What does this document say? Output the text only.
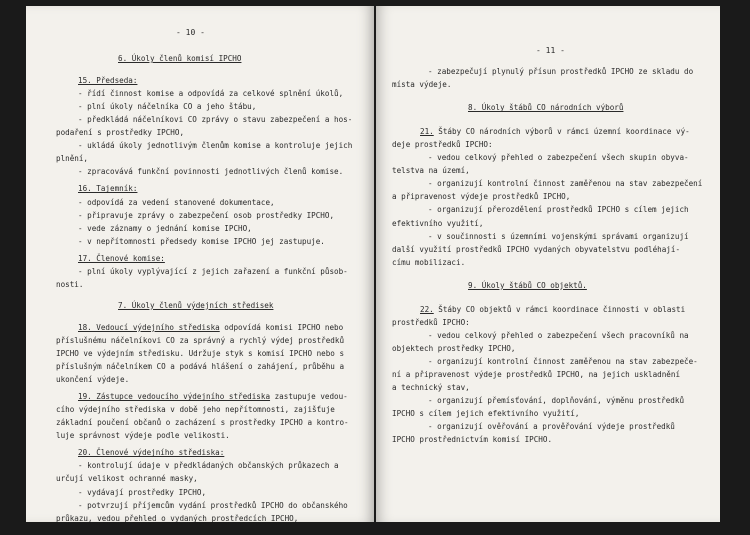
- 10 -
6. Úkoly členů komisí IPCHO
15. Předseda:
- řídí činnost komise a odpovídá za celkové splnění úkolů,
- plní úkoly náčelníka CO a jeho štábu,
- předkládá náčelníkovi CO zprávy o stavu zabezpečení a hos-
podaření s prostředky IPCHO,
- ukládá úkoly jednotlivým členům komise a kontroluje jejich
plnění,
- zpracovává funkční povinnosti jednotlivých členů komise.
16. Tajemník:
- odpovídá za vedení stanovené dokumentace,
- připravuje zprávy o zabezpečení osob prostředky IPCHO,
- vede záznamy o jednání komise IPCHO,
- v nepřítomnosti předsedy komise IPCHO jej zastupuje.
17. Členové komise:
- plní úkoly vyplývající z jejich zařazení a funkční působ-
nosti.
7. Úkoly členů výdejních středisek
18. Vedoucí výdejního střediska odpovídá komisi IPCHO nebo
příslušnému náčelníkovi CO za správný a rychlý výdej prostředků
IPCHO ve výdejním středisku. Udržuje styk s komisí IPCHO nebo s
příslušným náčelníkem CO a podává hlášení o zahájení, průběhu a
ukončení výdeje.
19. Zástupce vedoucího výdejního střediska zastupuje vedou-
cího výdejního střediska v době jeho nepřítomnosti, zajišťuje
základní poučení občanů o zacházení s prostředky IPCHO a kontro-
luje správnost výdeje podle velikosti.
20. Členové výdejního střediska:
- kontrolují údaje v předkládaných občanských průkazech a
určují velikost ochranné masky,
- vydávají prostředky IPCHO,
- potvrzují příjemcům vydání prostředků IPCHO do občanského
průkazu, vedou přehled o vydaných prostředcích IPCHO,
- 11 -
- zabezpečují plynulý přísun prostředků IPCHO ze skladu do
místa výdeje.
8. Úkoly štábů CO národních výborů
21. Štáby CO národních výborů v rámci územní koordinace vý-
deje prostředků IPCHO:
- vedou celkový přehled o zabezpečení všech skupin obyva-
telstva na území,
- organizují kontrolní činnost zaměřenou na stav zabezpečení
a připravenost výdeje prostředků IPCHO,
- organizují přerozdělení prostředků IPCHO s cílem jejich
efektivního využití,
- v součinnosti s územními vojenskými správami organizují
další využití prostředků IPCHO vydaných obyvatelstvu podléhají-
címu mobilizaci.
9. Úkoly štábů CO objektů.
22. Štáby CO objektů v rámci koordinace činnosti v oblasti
prostředků IPCHO:
- vedou celkový přehled o zabezpečení všech pracovníků na
objektech prostředky IPCHO,
- organizují kontrolní činnost zaměřenou na stav zabezpeče-
ní a připravenost výdeje prostředků IPCHO, na jejich uskladnění
a technický stav,
- organizují přemísťování, doplňování, výměnu prostředků
IPCHO s cílem jejich efektivního využití,
- organizují ověřování a prověřování výdeje prostředků
IPCHO prostřednictvím komisí IPCHO.
